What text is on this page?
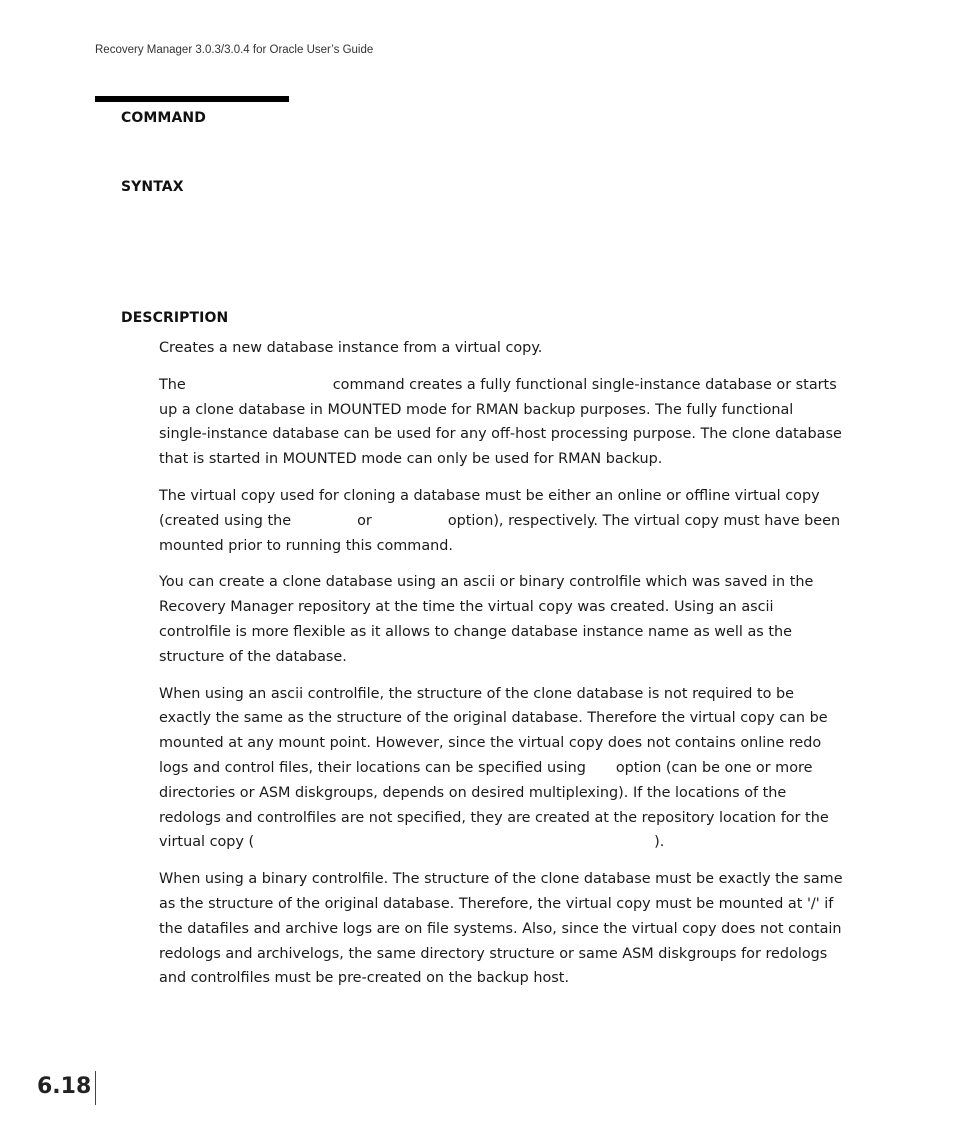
Recovery Manager 3.0.3/3.0.4 for Oracle User’s Guide
COMMAND
SYNTAX
DESCRIPTION

Creates a new database instance from a virtual copy.

The	command creates a fully functional single-instance database or starts
up a clone database in MOUNTED mode for RMAN backup purposes. The fully functional
single-instance database can be used for any off-host processing purpose. The clone database
that is started in MOUNTED mode can only be used for RMAN backup.

The virtual copy used for cloning a database must be either an online or offline virtual copy
(created using the	or	option), respectively. The virtual copy must have been
mounted prior to running this command.

You can create a clone database using an ascii or binary controlfile which was saved in the
Recovery Manager repository at the time the virtual copy was created. Using an ascii
controlfile is more flexible as it allows to change database instance name as well as the
structure of the database.

When using an ascii controlfile, the structure of the clone database is not required to be
exactly the same as the structure of the original database. Therefore the virtual copy can be
mounted at any mount point. However, since the virtual copy does not contains online redo
logs and control files, their locations can be specified using option (can be one or more
directories or ASM diskgroups, depends on desired multiplexing). If the locations of the
redologs and controlfiles are not specified, they are created at the repository location for the
virtual copy (	).

When using a binary controlfile. The structure of the clone database must be exactly the same
as the structure of the original database. Therefore, the virtual copy must be mounted at '/' if
the datafiles and archive logs are on file systems. Also, since the virtual copy does not contain
redologs and archivelogs, the same directory structure or same ASM diskgroups for redologs
and controlfiles must be pre-created on the backup host.

6.18
